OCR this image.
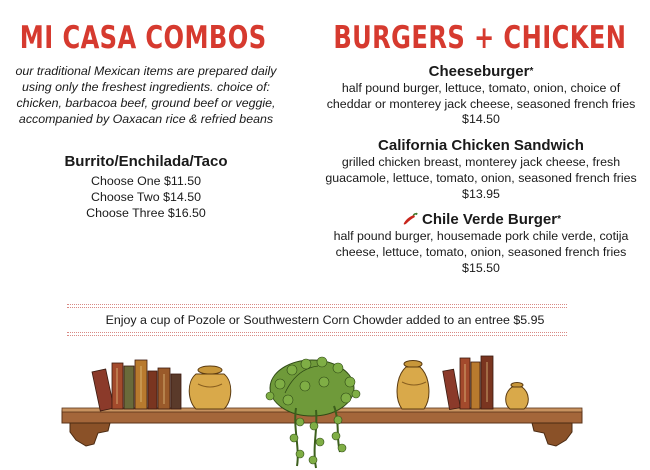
MI CASA COMBOS
our traditional Mexican items are prepared daily using only the freshest ingredients. choice of: chicken, barbacoa beef, ground beef or veggie, accompanied by Oaxacan rice & refried beans
Burrito/Enchilada/Taco
Choose One $11.50
Choose Two $14.50
Choose Three $16.50
BURGERS + CHICKEN
Cheeseburger*
half pound burger, lettuce, tomato, onion, choice of cheddar or monterey jack cheese, seasoned french fries $14.50
California Chicken Sandwich
grilled chicken breast, monterey jack cheese, fresh guacamole, lettuce, tomato, onion, seasoned french fries $13.95
Chile Verde Burger*
half pound burger, housemade pork chile verde, cotija cheese, lettuce, tomato, onion, seasoned french fries $15.50
Enjoy a cup of Pozole or Southwestern Corn Chowder added to an entree $5.95
